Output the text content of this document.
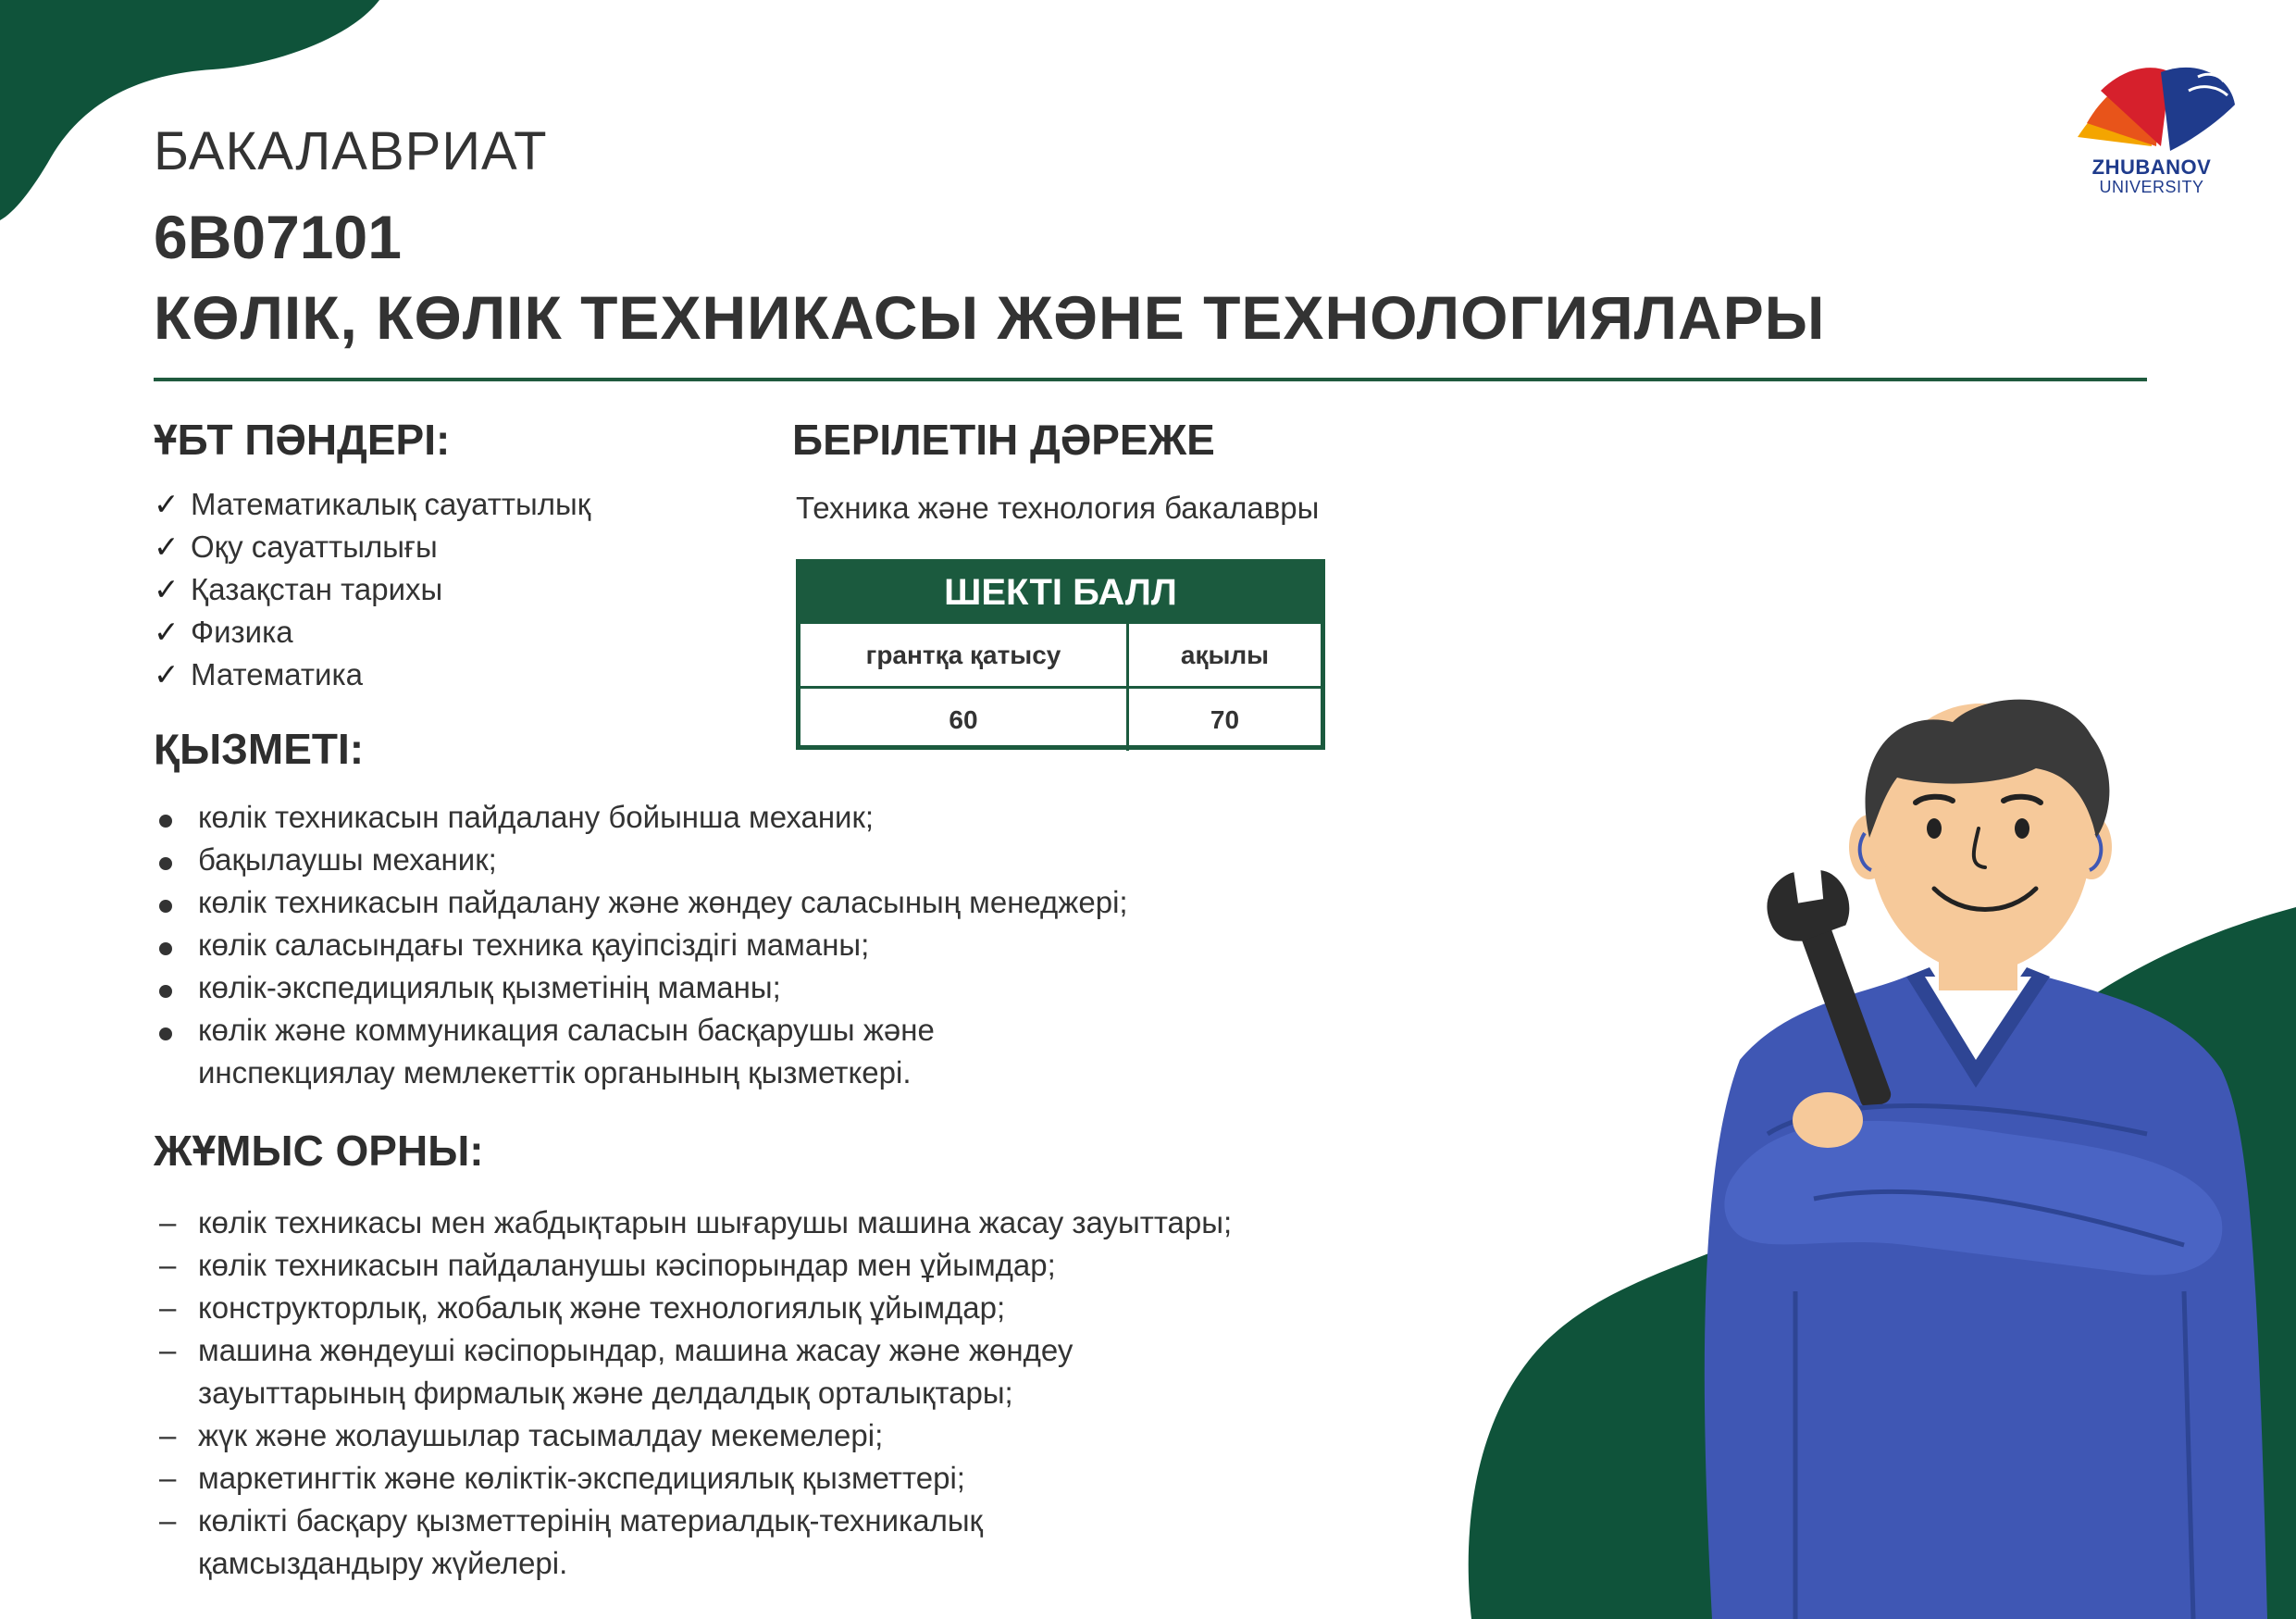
ZHUBANOV
UNIVERSITY
БАКАЛАВРИАТ
6B07101
КӨЛІК, КӨЛІК ТЕХНИКАСЫ ЖӘНЕ ТЕХНОЛОГИЯЛАРЫ
ҰБТ ПӘНДЕРІ:
✓ Математикалық сауаттылық
✓ Оқу сауаттылығы
✓ Қазақстан тарихы
✓ Физика
✓ Математика
БЕРІЛЕТІН ДӘРЕЖЕ
Техника және технология бакалавры
ШЕКТІ БАЛЛ
грантқа қатысу	ақылы
60	70
ҚЫЗМЕТІ:
көлік техникасын пайдалану бойынша механик;
бақылаушы механик;
көлік техникасын пайдалану және жөндеу саласының менеджері;
көлік саласындағы техника қауіпсіздігі маманы;
көлік-экспедициялық қызметінің маманы;
көлік және коммуникация саласын басқарушы және инспекциялау мемлекеттік органының қызметкері.
ЖҰМЫС ОРНЫ:
– көлік техникасы мен жабдықтарын шығарушы машина жасау зауыттары;
– көлік техникасын пайдаланушы кәсіпорындар мен ұйымдар;
– конструкторлық, жобалық және технологиялық ұйымдар;
– машина жөндеуші кәсіпорындар, машина жасау және жөндеу зауыттарының фирмалық және делдалдық орталықтары;
– жүк және жолаушылар тасымалдау мекемелері;
– маркетингтік және көліктік-экспедициялық қызметтері;
– көлікті басқару қызметтерінің материалдық-техникалық қамсыздандыру жүйелері.
